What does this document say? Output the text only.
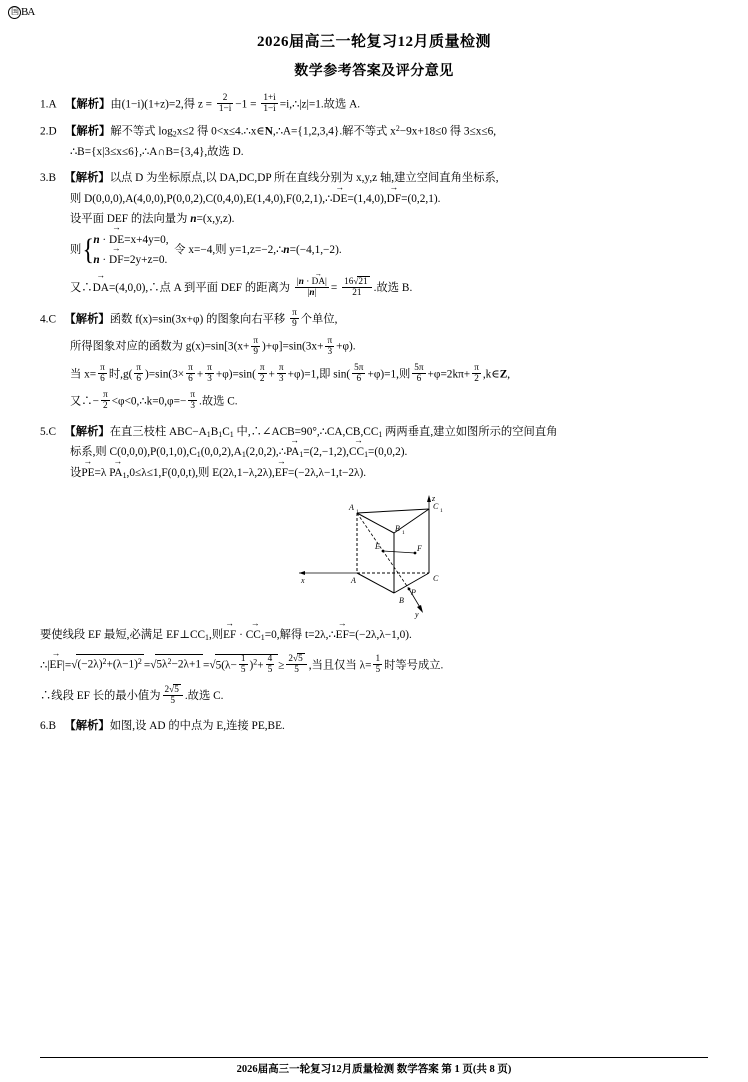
国 BA
2026届高三一轮复习12月质量检测
数学参考答案及评分意见
1.A 【解析】由(1−i)(1+z)=2,得 $z = \frac{2}{1-i} -1 = \frac{1+i}{1-i}$ =i,∴|z|=1.故选 A.
2.D 【解析】解不等式 $\log_2x\le 2$ 得 0<x≤4.∴x∈N,∴A={1,2,3,4}.解不等式 $x^2-9x+18\le 0$ 得 3≤x≤6,
∴B={x|3≤x≤6},∴A∩B={3,4},故选 D.
3.B 【解析】以点 D 为坐标原点,以 DA,DC,DP 所在直线分别为 x,y,z 轴,建立空间直角坐标系,
则 D(0,0,0),A(4,0,0),P(0,0,2),C(0,4,0),E(1,4,0),F(0,2,1),∴DE →=(1,4,0),DF →=(0,2,1).
设平面 DEF 的法向量为 n=(x,y,z).
则 { n · DE →=x+4y=0,
n · DF →=2y+z=0.
令 x=−4,则 y=1,z=−2,∴n=(−4,1,−2).
又∴DA →=(4,0,0),∴点 A 到平面 DEF 的距离为 $\frac{|n \cdot DA \to|}{|n|} = \frac{16√21}{21}$ .故选 B.
4.C 【解析】函数 f(x)=sin(3x+φ) 的图象向右平移 $\frac{\pi}{9}$ 个单位,
所得图象对应的函数为 $g(x)=\sin[3(x+ \frac{\pi}{9} )+\varphi]=\sin(3x+ \frac{\pi}{3} +\varphi)$.
当 $x= \frac{\pi}{6}$ 时$,g( \frac{\pi}{6} )=\sin(3\times \frac{\pi}{6} + \frac{\pi}{3} +\varphi)=\sin( \frac{\pi}{2} + \frac{\pi}{3} +\varphi)=1$,即 $\sin( \frac{5\pi}{6} +\varphi)=1$,则 $\frac{5\pi}{6} +\varphi=2k\pi+ \frac{\pi}{2}$ ,k∈Z,
又∴− $\frac{\pi}{2}$ <φ<0,∴k=0,φ=− $\frac{\pi}{3}$ .故选 C.
5.C 【解析】在直三枝柱 $ABC-A_1B_1C_1$ 中$,\therefore\angle ACB=90^\circ,\therefore CA,CB,CC_1$ 两两垂直,建立如图所示的空间直角
标系,则 $C(0,0,0),P(0,1,0),C_1(0,0,2),A_1(2,0,2),\therefore PA_1 \to=(2,-1,2),CC_1 \to=(0,0,2)$.
设PE →=λ $PA_1 \to,0\le\lambda\le 1,F(0,0,t)$,则 E(2λ,1−λ,2λ),EF →=(−2λ,λ−1,t−2λ).
A 1
C 1
B 1
E	F
A	C
B
P
x
y
z
要使线段 EF 最短,必满足 $EF\perp CC_1$,则EF → · $CC_1 \to=0$,解得 t=2λ,∴EF →=(−2λ,λ−1,0).
∴|EF $\to|=√(-2\lambda)^2+(\lambda-1)^2 =√5\lambda^2-2\lambda+1 =√5(\lambda- \frac{1}{5} )^2+ \frac{4}{5} \ge \frac{2√5}{5}$ ,当且仅当 $\lambda= \frac{1}{5}$ 时等号成立.
∴线段 EF 长的最小值为 $\frac{2√5}{5}$ .故选 C.
6.B 【解析】如图,设 AD 的中点为 E,连接 PE,BE.
2026届高三一轮复习12月质量检测 数学答案 第 1 页(共 8 页)
